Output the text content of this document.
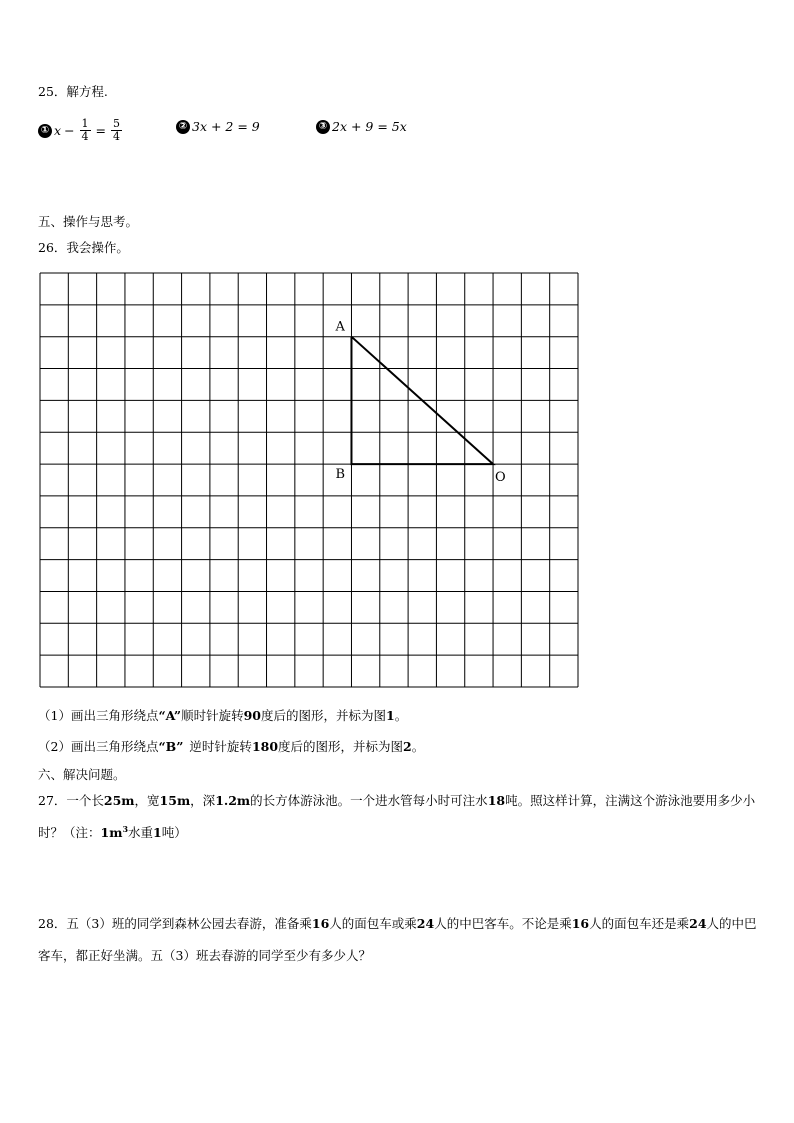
25．解方程.
① $x - \frac{1}{4} = \frac{5}{4}$	② 3x + 2 = 9	③ 2x + 9 = 5x
五、操作与思考。
26．我会操作。
A
B	O
（1）画出三角形绕点“A”顺时针旋转90度后的图形，并标为图1。
（2）画出三角形绕点“B” 逆时针旋转180度后的图形，并标为图2。
六、解决问题。
27．一个长25m，宽15m，深1.2m的长方体游泳池。一个进水管每小时可注水18吨。照这样计算，注满这个游泳池要用多少小时？（注：$1m^3$水重1吨）
28．五（3）班的同学到森林公园去春游，准备乘16人的面包车或乘24人的中巴客车。不论是乘16人的面包车还是乘24人的中巴客车，都正好坐满。五（3）班去春游的同学至少有多少人？
